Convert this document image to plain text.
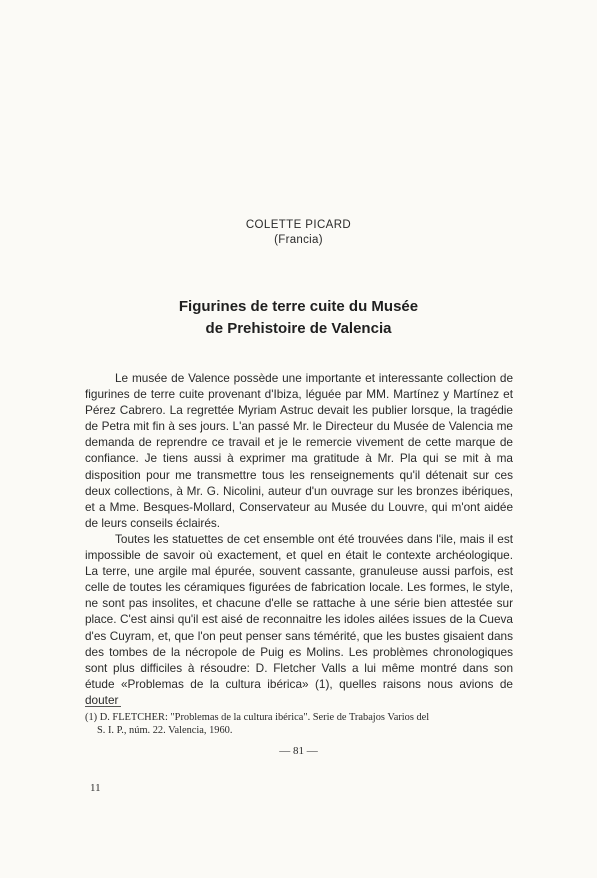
COLETTE PICARD
(Francia)
Figurines de terre cuite du Musée
de Prehistoire de Valencia

Le musée de Valence possède une importante et interessante collection de figurines de terre cuite provenant d'Ibiza, léguée par MM. Martínez y Martínez et Pérez Cabrero. La regrettée Myriam Astruc devait les publier lorsque, la tragédie de Petra mit fin à ses jours. L'an passé Mr. le Directeur du Musée de Valencia me demanda de reprendre ce travail et je le remercie vivement de cette marque de confiance. Je tiens aussi à exprimer ma gratitude à Mr. Pla qui se mit à ma disposition pour me transmettre tous les renseignements qu'il détenait sur ces deux collections, à Mr. G. Nicolini, auteur d'un ouvrage sur les bronzes ibériques, et a Mme. Besques-Mollard, Conservateur au Musée du Louvre, qui m'ont aidée de leurs conseils éclairés.

Toutes les statuettes de cet ensemble ont été trouvées dans l'ile, mais il est impossible de savoir où exactement, et quel en était le contexte archéologique. La terre, une argile mal épurée, souvent cassante, granuleuse aussi parfois, est celle de toutes les céramiques figurées de fabrication locale. Les formes, le style, ne sont pas insolites, et chacune d'elle se rattache à une série bien attestée sur place. C'est ainsi qu'il est aisé de reconnaitre les idoles ailées issues de la Cueva d'es Cuyram, et, que l'on peut penser sans témérité, que les bustes gisaient dans des tombes de la nécropole de Puig es Molins. Les problèmes chronologiques sont plus difficiles à résoudre: D. Fletcher Valls a lui même montré dans son étude «Problemas de la cultura ibérica» (1), quelles raisons nous avions de douter

(1) D. FLETCHER: "Problemas de la cultura ibérica". Serie de Trabajos Varios del
S. I. P., núm. 22. Valencia, 1960.
— 81 —
11
